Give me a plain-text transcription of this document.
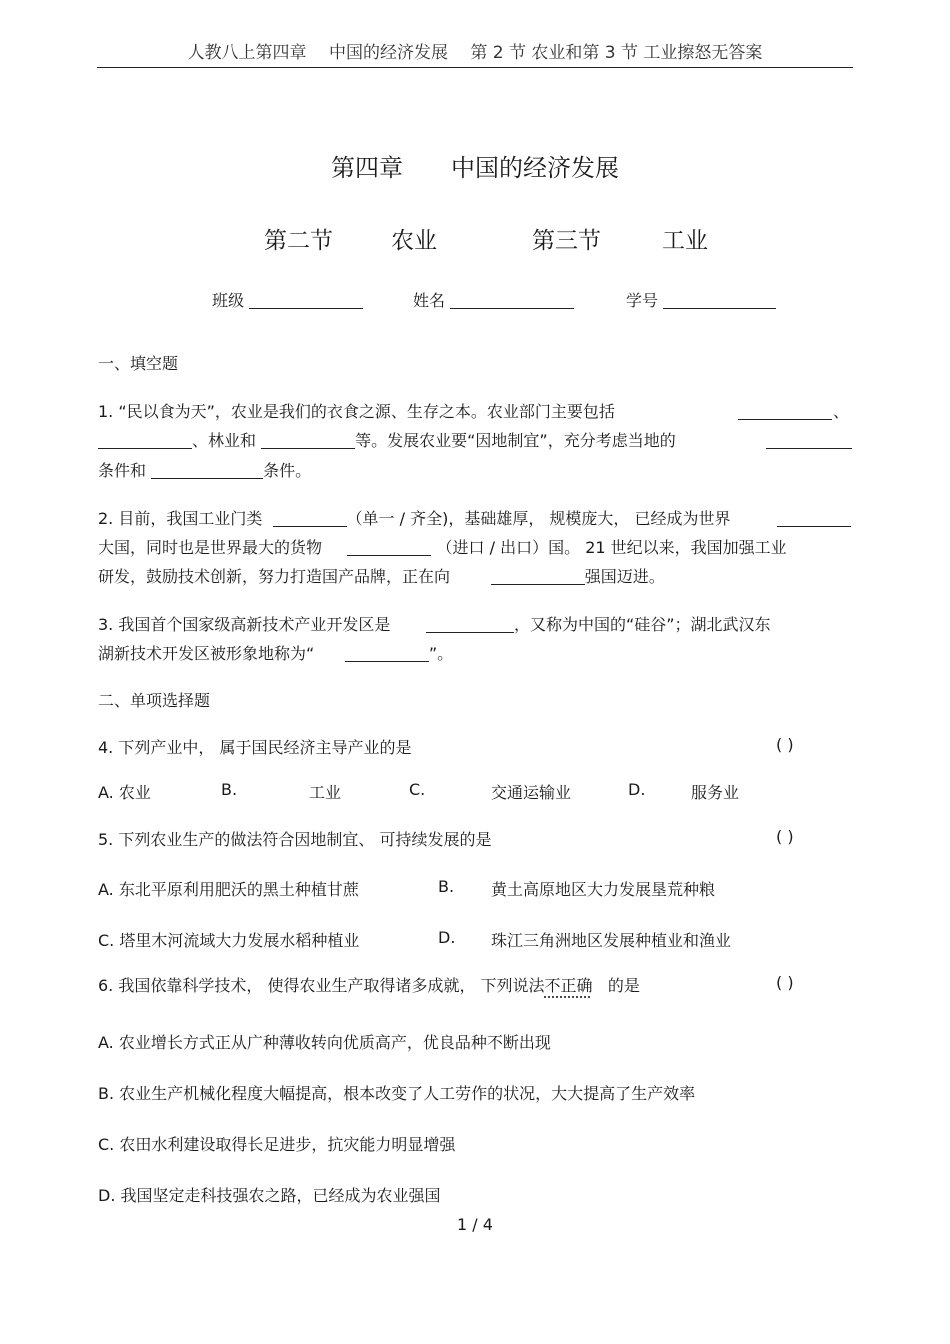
人教八上第四章　 中国的经济发展　 第 2 节 农业和第 3 节 工业擦怒无答案
第四章　　中国的经济发展
第二节	农业	第三节	工业
班级	姓名	学号
一、填空题
1. “民以食为天”，农业是我们的衣食之源、生存之本。农业部门主要包括	、
、林业和	等。发展农业要“因地制宜”，充分考虑当地的
条件和	条件。
2. 目前，我国工业门类	（单一 / 齐全)，基础雄厚， 规模庞大， 已经成为世界
大国，同时也是世界最大的货物	（进口 / 出口）国。 21 世纪以来，我国加强工业
研发，鼓励技术创新，努力打造国产品牌，正在向	强国迈进。
3. 我国首个国家级高新技术产业开发区是	，又称为中国的“硅谷”；湖北武汉东
湖新技术开发区被形象地称为“	”。
二、单项选择题
4. 下列产业中， 属于国民经济主导产业的是	( )
A. 农业	B.	工业	C.	交通运输业	D.	服务业
5. 下列农业生产的做法符合因地制宜、 可持续发展的是	( )
A. 东北平原利用肥沃的黑土种植甘蔗	B. 黄土高原地区大力发展垦荒种粮
C. 塔里木河流域大力发展水稻种植业	D. 珠江三角洲地区发展种植业和渔业
6. 我国依靠科学技术， 使得农业生产取得诸多成就， 下列说法不正确 的是	( )
A. 农业增长方式正从广种薄收转向优质高产，优良品种不断出现
B. 农业生产机械化程度大幅提高，根本改变了人工劳作的状况，大大提高了生产效率
C. 农田水利建设取得长足进步，抗灾能力明显增强
D. 我国坚定走科技强农之路，已经成为农业强国
1 / 4
